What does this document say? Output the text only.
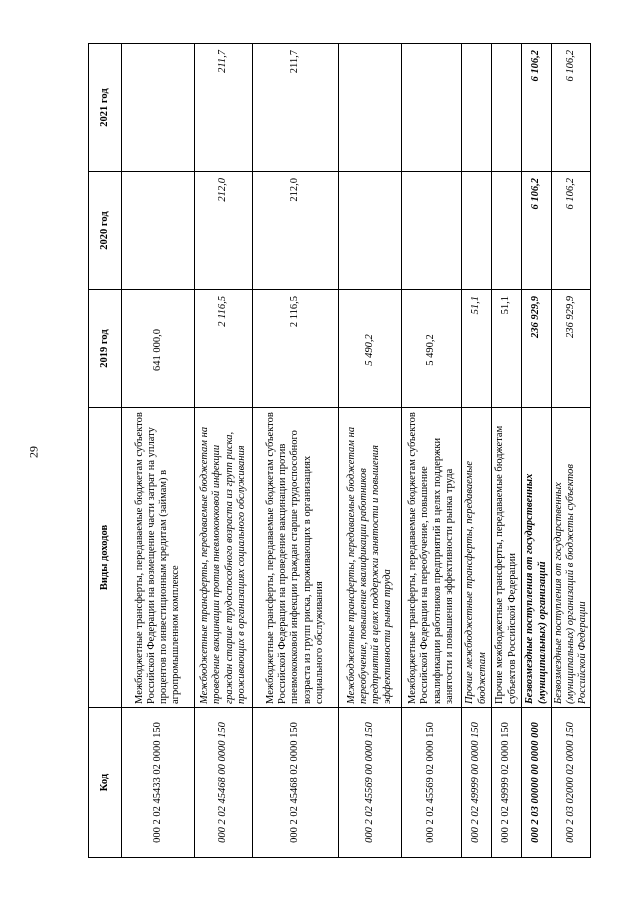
29
Код	Виды доходов	2019 год	2020 год	2021 год
000 2 02 45433 02 0000 150	Межбюджетные трансферты, передаваемые бюджетам субъектов Российской Федерации на возмещение части затрат на уплату процентов по инвестиционным кредитам (займам) в агропромышленном комплексе	641 000,0		
000 2 02 45468 00 0000 150	Межбюджетные трансферты, передаваемые бюджетам на проведение вакцинации против пневмококковой инфекции граждан старше трудоспособного возраста из групп риска, проживающих в организациях социального обслуживания	2 116,5	212,0	211,7
000 2 02 45468 02 0000 150	Межбюджетные трансферты, передаваемые бюджетам субъектов Российской Федерации на проведение вакцинации против пневмококковой инфекции граждан старше трудоспособного возраста из групп риска, проживающих в организациях социального обслуживания	2 116,5	212,0	211,7
000 2 02 45569 00 0000 150	Межбюджетные трансферты, передаваемые бюджетам на переобучение, повышение квалификации работников предприятий в целях поддержки занятости и повышения эффективности рынка труда	5 490,2		
000 2 02 45569 02 0000 150	Межбюджетные трансферты, передаваемые бюджетам субъектов Российской Федерации на переобучение, повышение квалификации работников предприятий в целях поддержки занятости и повышения эффективности рынка труда	5 490,2		
000 2 02 49999 00 0000 150	Прочие межбюджетные трансферты, передаваемые бюджетам	51,1		
000 2 02 49999 02 0000 150	Прочие межбюджетные трансферты, передаваемые бюджетам субъектов Российской Федерации	51,1		
000 2 03 00000 00 0000 000	Безвозмездные поступления от государственных (муниципальных) организаций	236 929,9	6 106,2	6 106,2
000 2 03 02000 02 0000 150	Безвозмездные поступления от государственных (муниципальных) организаций в бюджеты субъектов Российской Федерации	236 929,9	6 106,2	6 106,2
